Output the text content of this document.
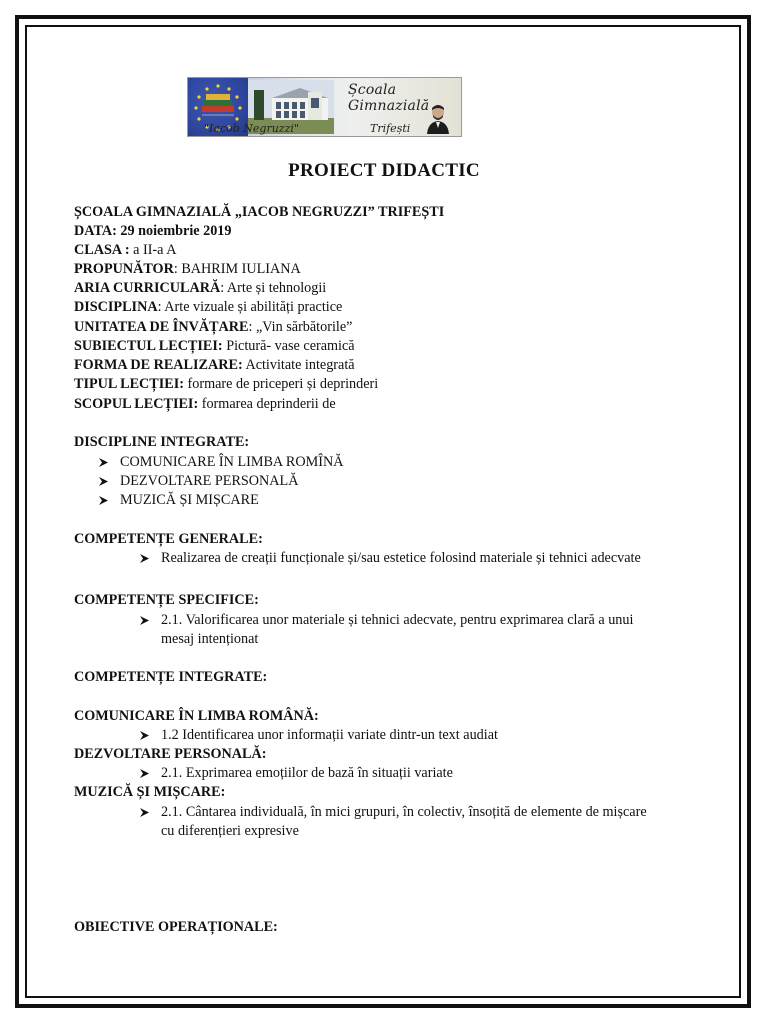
Școala Gimnazială
"Iacob Negruzzi"	Trifești
PROIECT DIDACTIC
ȘCOALA GIMNAZIALĂ „IACOB NEGRUZZI” TRIFEȘTI
DATA: 29 noiembrie 2019
CLASA : a II-a A
PROPUNĂTOR: BAHRIM IULIANA
ARIA CURRICULARĂ: Arte și tehnologii
DISCIPLINA: Arte vizuale și abilități practice
UNITATEA DE ÎNVĂȚARE: „Vin sărbătorile”
SUBIECTUL LECȚIEI: Pictură- vase ceramică
FORMA DE REALIZARE: Activitate integrată
TIPUL LECȚIEI: formare de priceperi și deprinderi
SCOPUL LECȚIEI: formarea deprinderii de
DISCIPLINE INTEGRATE:
COMUNICARE ÎN LIMBA ROMÎNĂ
DEZVOLTARE PERSONALĂ
MUZICĂ ȘI MIȘCARE
COMPETENȚE GENERALE:
Realizarea de creații funcționale și/sau estetice folosind materiale și tehnici adecvate
COMPETENȚE SPECIFICE:
2.1. Valorificarea unor materiale și tehnici adecvate, pentru exprimarea clară a unui
mesaj intenționat
COMPETENȚE INTEGRATE:
COMUNICARE ÎN LIMBA ROMÂNĂ:
1.2 Identificarea unor informații variate dintr-un text audiat
DEZVOLTARE PERSONALĂ:
2.1. Exprimarea emoțiilor de bază în situații variate
MUZICĂ ȘI MIȘCARE:
2.1. Cântarea individuală, în mici grupuri, în colectiv, însoțită de elemente de mișcare
cu diferențieri expresive
OBIECTIVE OPERAȚIONALE:
